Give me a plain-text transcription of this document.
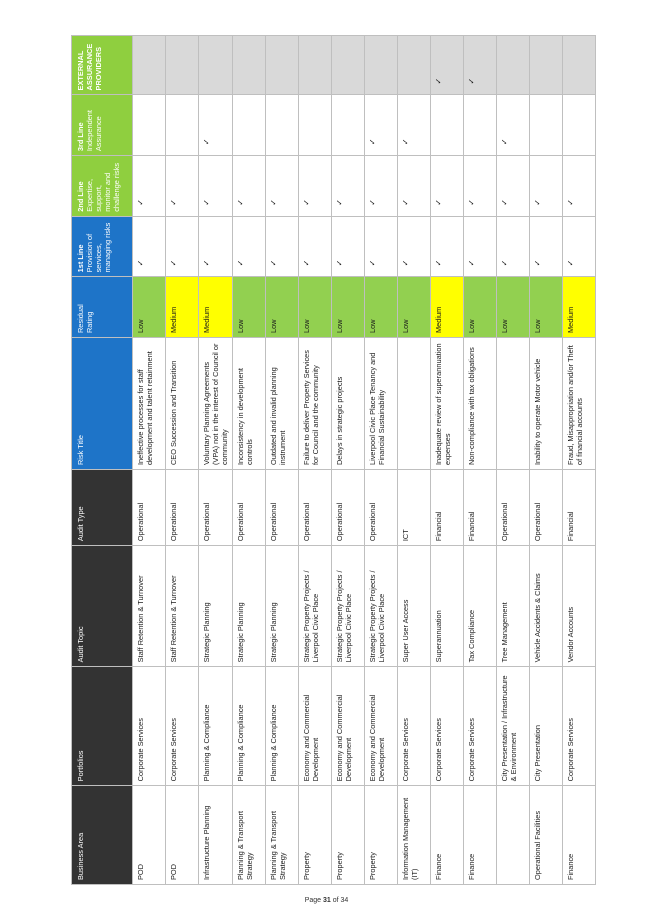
Business Area	Portfolios	Audit Topic	Audit Type	Risk Title	Residual Rating	1st Line Provision of services, managing risks	2nd Line Expertise, support, monitor and challenge risks	3rd Line Independent Assurance	EXTERNAL ASSURANCE PROVIDERS
POD	Corporate Services	Staff Retention & Turnover	Operational	Ineffective processes for staff development and talent retainment	Low	✓	✓		
POD	Corporate Services	Staff Retention & Turnover	Operational	CEO Succession and Transition	Medium	✓	✓		
Infrastructure Planning	Planning & Compliance	Strategic Planning	Operational	Voluntary Planning Agreements (VPA) not in the interest of Council or community	Medium	✓	✓	✓	
Planning & Transport Strategy	Planning & Compliance	Strategic Planning	Operational	Inconsistency in development controls	Low	✓	✓		
Planning & Transport Strategy	Planning & Compliance	Strategic Planning	Operational	Outdated and invalid planning instrument	Low	✓	✓		
Property	Economy and Commercial Development	Strategic Property Projects / Liverpool Civic Place	Operational	Failure to deliver Property Services for Council and the community	Low	✓	✓		
Property	Economy and Commercial Development	Strategic Property Projects / Liverpool Civic Place	Operational	Delays in strategic projects	Low	✓	✓		
Property	Economy and Commercial Development	Strategic Property Projects / Liverpool Civic Place	Operational	Liverpool Civic Place Tenancy and Financial Sustainability	Low	✓	✓	✓	
Information Management (IT)	Corporate Services	Super User Access	ICT		Low	✓	✓	✓	
Finance	Corporate Services	Superannuation	Financial	Inadequate review of superannuation expenses	Medium	✓	✓		✓
Finance	Corporate Services	Tax Compliance	Financial	Non-compliance with tax obligations	Low	✓	✓		✓
	City Presentation / Infrastructure & Environment	Tree Management	Operational		Low	✓	✓	✓	
Operational Facilities	City Presentation	Vehicle Accidents & Claims	Operational	Inability to operate Motor vehicle	Low	✓	✓		
Finance	Corporate Services	Vendor Accounts	Financial	Fraud, Misappropriation and/or Theft of financial accounts	Medium	✓	✓		
Page 31 of 34
